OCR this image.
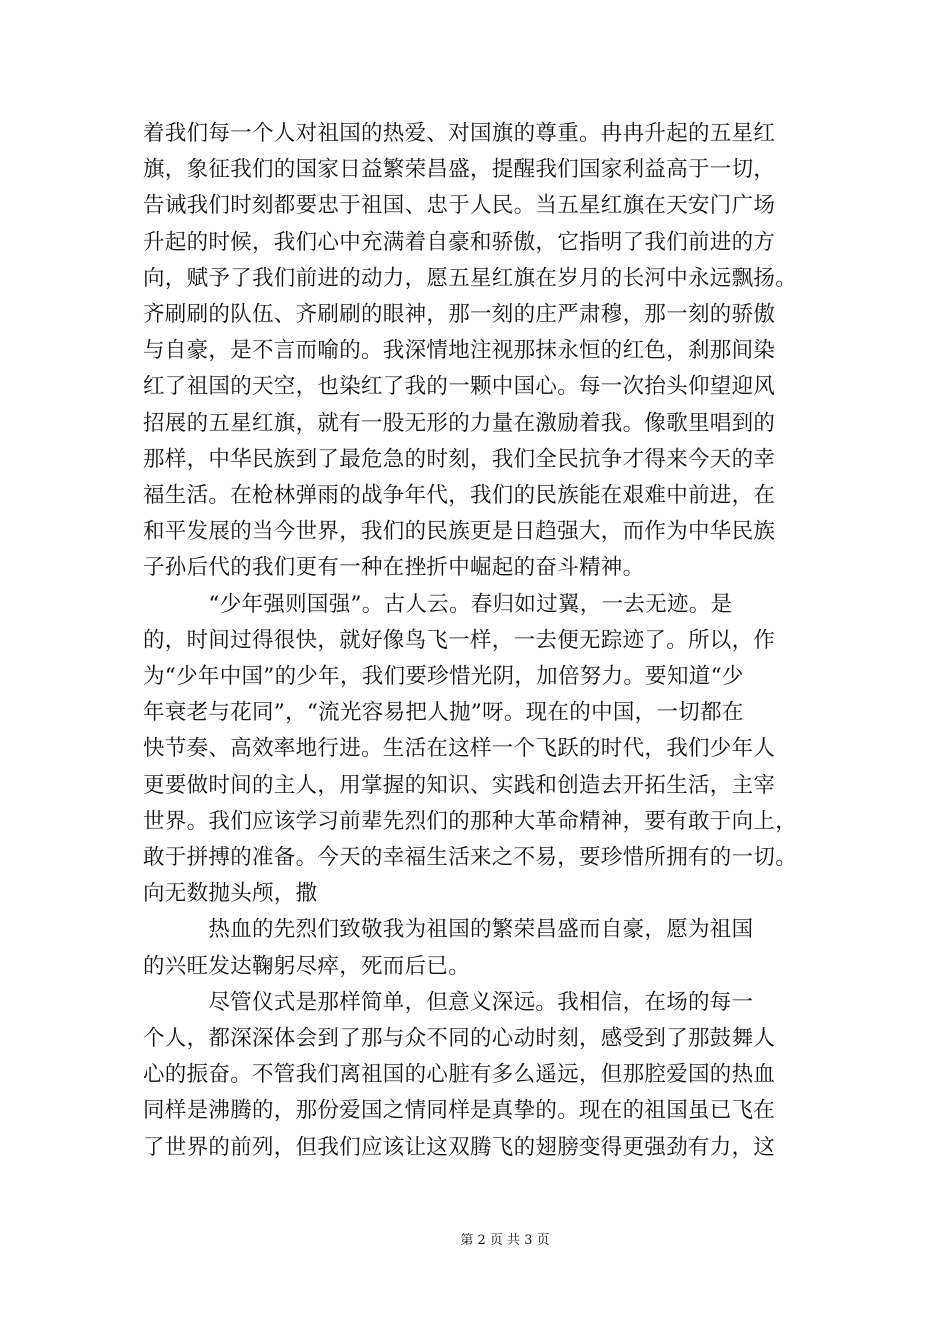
着我们每一个人对祖国的热爱、对国旗的尊重。冉冉升起的五星红
旗，象征我们的国家日益繁荣昌盛，提醒我们国家利益高于一切，
告诫我们时刻都要忠于祖国、忠于人民。当五星红旗在天安门广场
升起的时候，我们心中充满着自豪和骄傲，它指明了我们前进的方
向，赋予了我们前进的动力，愿五星红旗在岁月的长河中永远飘扬。
齐刷刷的队伍、齐刷刷的眼神，那一刻的庄严肃穆，那一刻的骄傲
与自豪，是不言而喻的。我深情地注视那抹永恒的红色，刹那间染
红了祖国的天空，也染红了我的一颗中国心。每一次抬头仰望迎风
招展的五星红旗，就有一股无形的力量在激励着我。像歌里唱到的
那样，中华民族到了最危急的时刻，我们全民抗争才得来今天的幸
福生活。在枪林弹雨的战争年代，我们的民族能在艰难中前进，在
和平发展的当今世界，我们的民族更是日趋强大，而作为中华民族
子孙后代的我们更有一种在挫折中崛起的奋斗精神。
　　　“少年强则国强”。古人云。春归如过翼，一去无迹。是
的，时间过得很快，就好像鸟飞一样，一去便无踪迹了。所以，作
为“少年中国”的少年，我们要珍惜光阴，加倍努力。要知道“少
年衰老与花同”，“流光容易把人抛”呀。现在的中国，一切都在
快节奏、高效率地行进。生活在这样一个飞跃的时代，我们少年人
更要做时间的主人，用掌握的知识、实践和创造去开拓生活，主宰
世界。我们应该学习前辈先烈们的那种大革命精神，要有敢于向上，
敢于拼搏的准备。今天的幸福生活来之不易，要珍惜所拥有的一切。
向无数抛头颅，撒
　　　热血的先烈们致敬我为祖国的繁荣昌盛而自豪，愿为祖国
的兴旺发达鞠躬尽瘁，死而后已。
　　　尽管仪式是那样简单，但意义深远。我相信，在场的每一
个人，都深深体会到了那与众不同的心动时刻，感受到了那鼓舞人
心的振奋。不管我们离祖国的心脏有多么遥远，但那腔爱国的热血
同样是沸腾的，那份爱国之情同样是真挚的。现在的祖国虽已飞在
了世界的前列，但我们应该让这双腾飞的翅膀变得更强劲有力，这
第 2 页 共 3 页
